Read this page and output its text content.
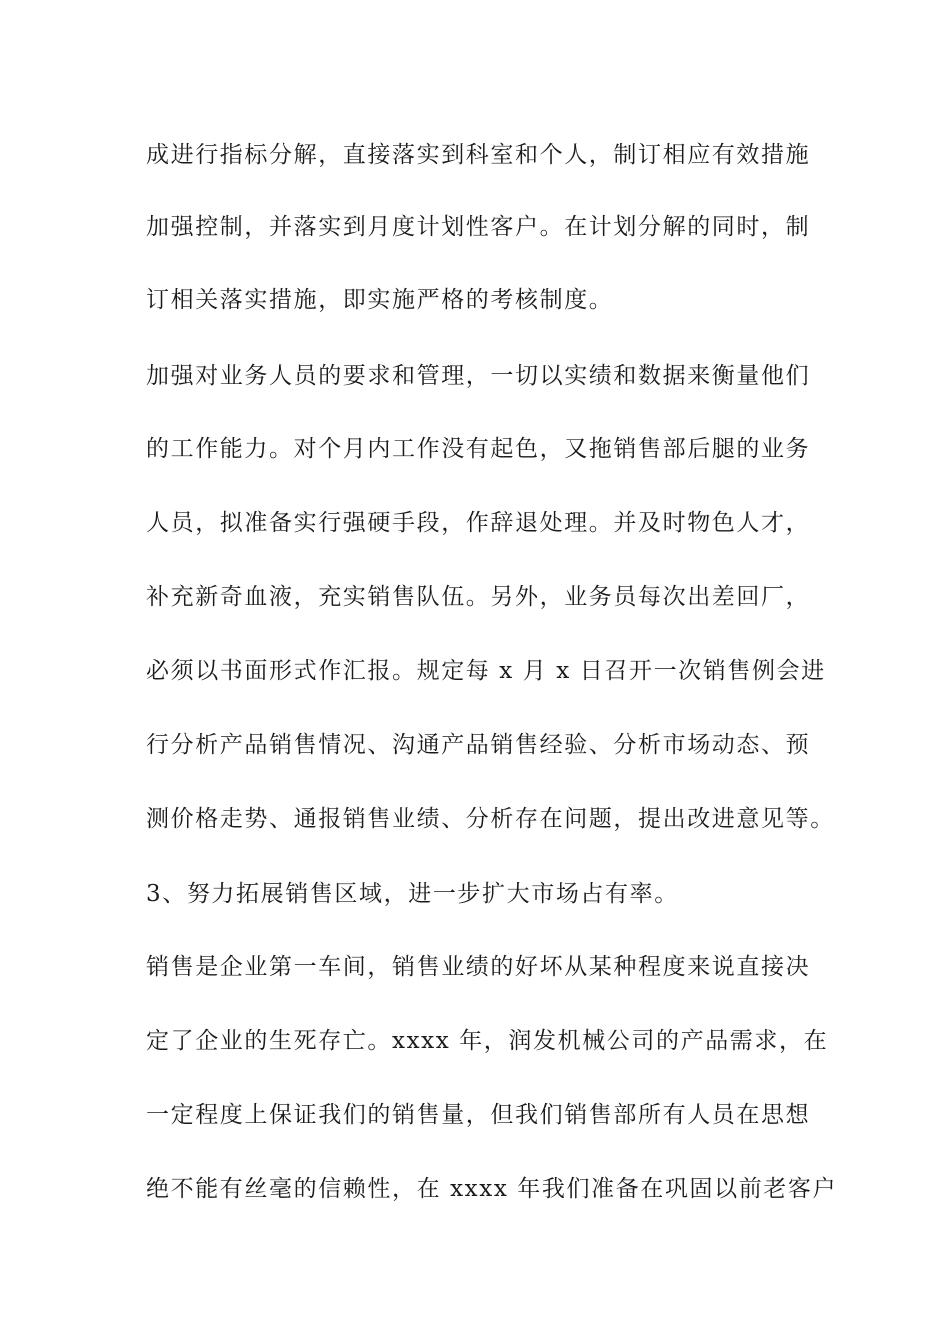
成进行指标分解，直接落实到科室和个人，制订相应有效措施
加强控制，并落实到月度计划性客户。在计划分解的同时，制
订相关落实措施，即实施严格的考核制度。
加强对业务人员的要求和管理，一切以实绩和数据来衡量他们
的工作能力。对个月内工作没有起色，又拖销售部后腿的业务
人员，拟准备实行强硬手段，作辞退处理。并及时物色人才，
补充新奇血液，充实销售队伍。另外，业务员每次出差回厂，
必须以书面形式作汇报。规定每 x 月 x 日召开一次销售例会进
行分析产品销售情况、沟通产品销售经验、分析市场动态、预
测价格走势、通报销售业绩、分析存在问题，提出改进意见等。
3、努力拓展销售区域，进一步扩大市场占有率。
销售是企业第一车间，销售业绩的好坏从某种程度来说直接决
定了企业的生死存亡。xxxx 年，润发机械公司的产品需求，在
一定程度上保证我们的销售量，但我们销售部所有人员在思想
绝不能有丝毫的信赖性，在 xxxx 年我们准备在巩固以前老客户
